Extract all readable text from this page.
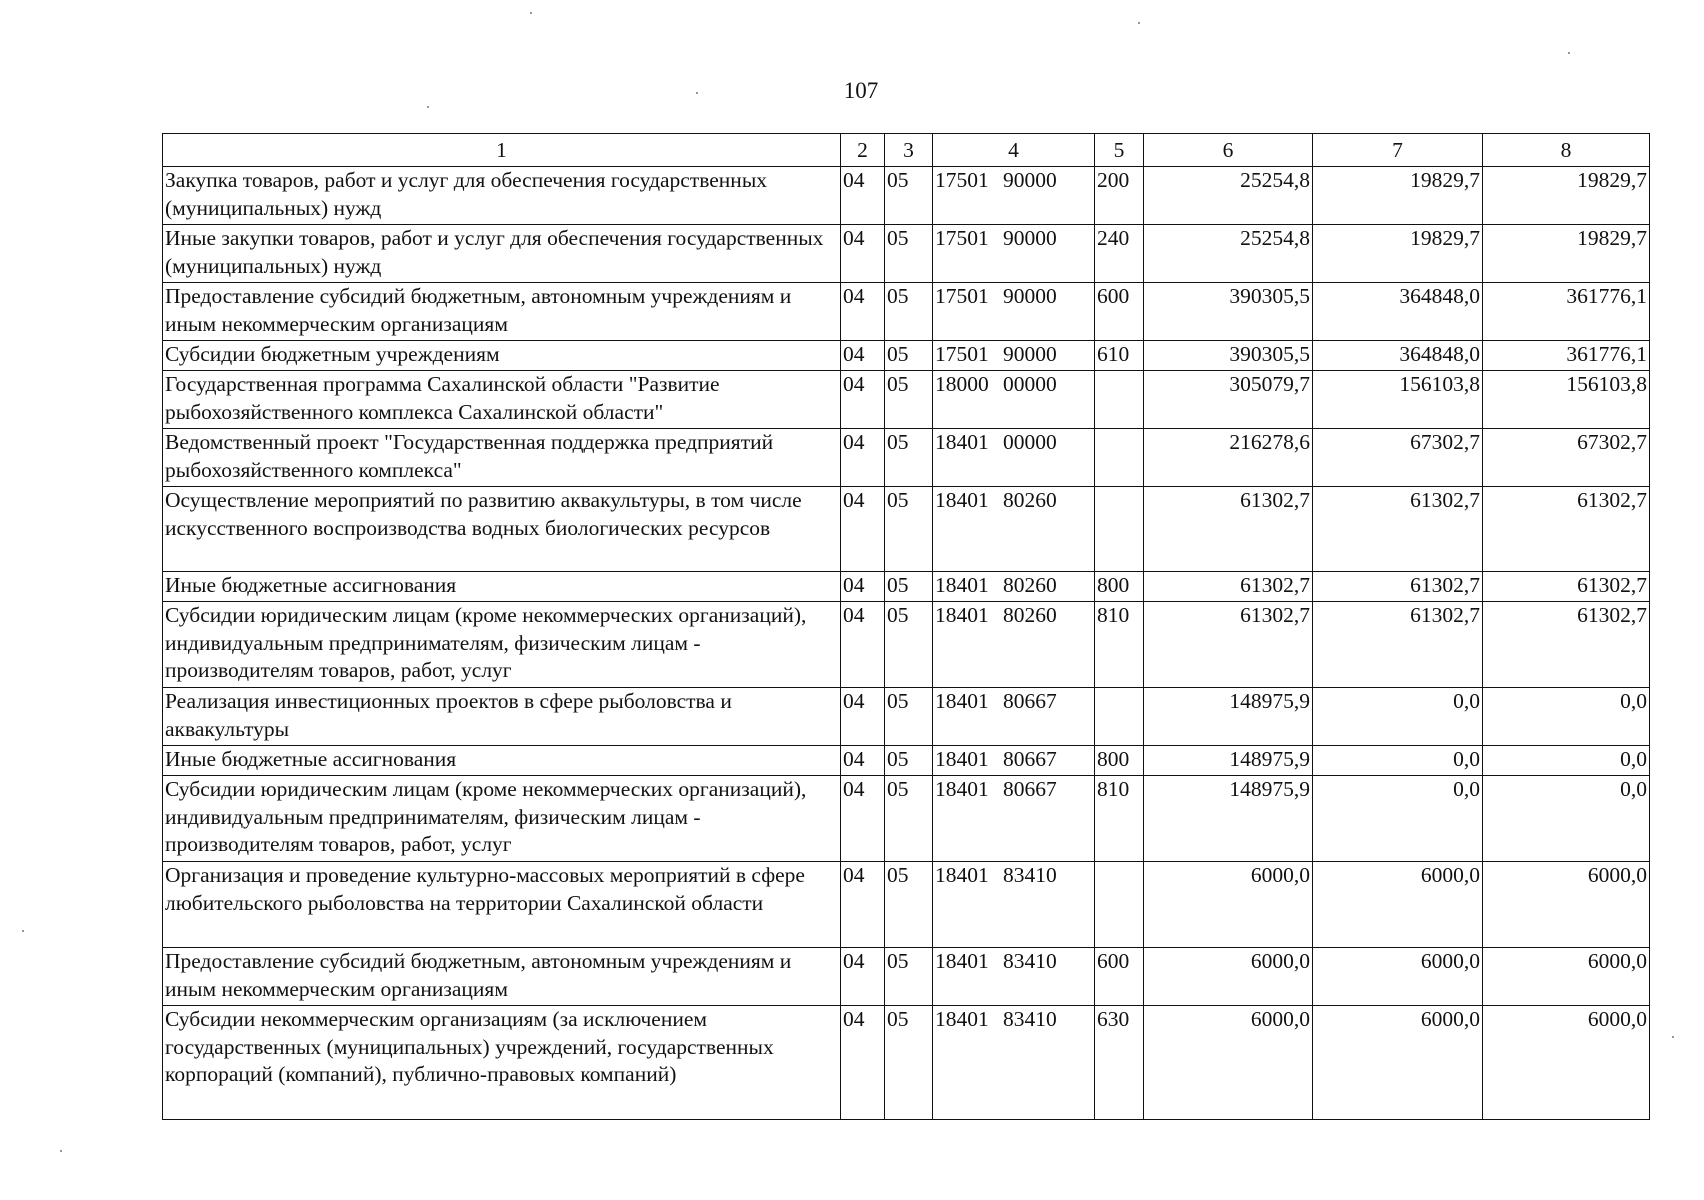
107
1	2	3	4	5	6	7	8
Закупка товаров, работ и услуг для обеспечения государственных (муниципальных) нужд	04	05	17501 90000	200	25254,8	19829,7	19829,7
Иные закупки товаров, работ и услуг для обеспечения государственных (муниципальных) нужд	04	05	17501 90000	240	25254,8	19829,7	19829,7
Предоставление субсидий бюджетным, автономным учреждениям и иным некоммерческим организациям	04	05	17501 90000	600	390305,5	364848,0	361776,1
Субсидии бюджетным учреждениям	04	05	17501 90000	610	390305,5	364848,0	361776,1
Государственная программа Сахалинской области "Развитие рыбохозяйственного комплекса Сахалинской области"	04	05	18000 00000		305079,7	156103,8	156103,8
Ведомственный проект "Государственная поддержка предприятий рыбохозяйственного комплекса"	04	05	18401 00000		216278,6	67302,7	67302,7
Осуществление мероприятий по развитию аквакультуры, в том числе искусственного воспроизводства водных биологических ресурсов	04	05	18401 80260		61302,7	61302,7	61302,7
Иные бюджетные ассигнования	04	05	18401 80260	800	61302,7	61302,7	61302,7
Субсидии юридическим лицам (кроме некоммерческих организаций), индивидуальным предпринимателям, физическим лицам - производителям товаров, работ, услуг	04	05	18401 80260	810	61302,7	61302,7	61302,7
Реализация инвестиционных проектов в сфере рыболовства и аквакультуры	04	05	18401 80667		148975,9	0,0	0,0
Иные бюджетные ассигнования	04	05	18401 80667	800	148975,9	0,0	0,0
Субсидии юридическим лицам (кроме некоммерческих организаций), индивидуальным предпринимателям, физическим лицам - производителям товаров, работ, услуг	04	05	18401 80667	810	148975,9	0,0	0,0
Организация и проведение культурно-массовых мероприятий в сфере любительского рыболовства на территории Сахалинской области	04	05	18401 83410		6000,0	6000,0	6000,0
Предоставление субсидий бюджетным, автономным учреждениям и иным некоммерческим организациям	04	05	18401 83410	600	6000,0	6000,0	6000,0
Субсидии некоммерческим организациям (за исключением государственных (муниципальных) учреждений, государственных корпораций (компаний), публично-правовых компаний)	04	05	18401 83410	630	6000,0	6000,0	6000,0
